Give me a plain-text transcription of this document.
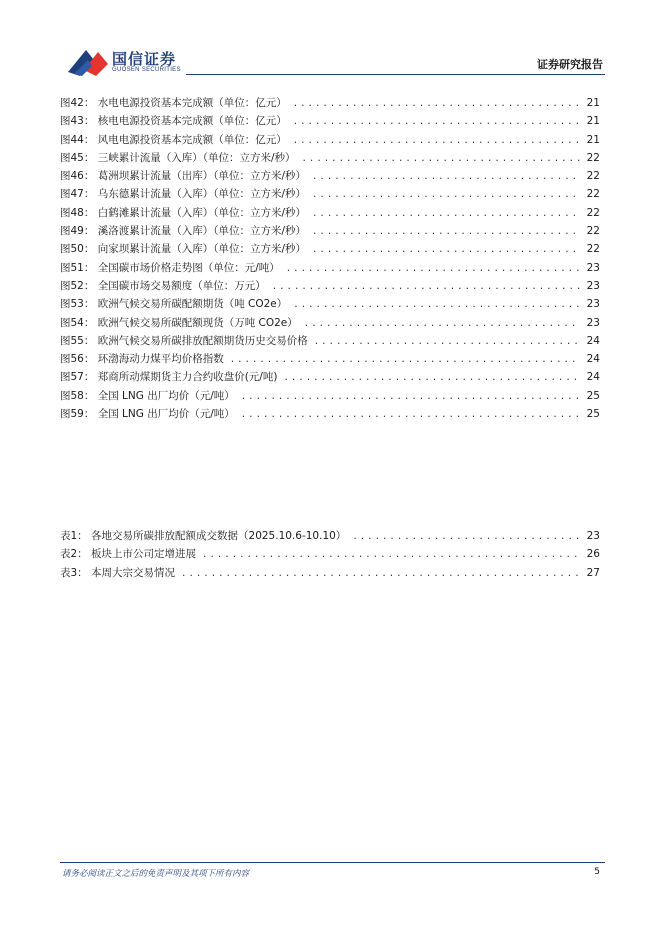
国信证券
GUOSEN SECURITIES	证券研究报告
图42： 水电电源投资基本完成额（单位：亿元） .....	21
图43： 核电电源投资基本完成额（单位：亿元） .....	21
图44： 风电电源投资基本完成额（单位：亿元） .....	21
图45： 三峡累计流量（入库）（单位：立方米/秒） .....	22
图46： 葛洲坝累计流量（出库）（单位：立方米/秒） .....	22
图47： 乌东德累计流量（入库）（单位：立方米/秒） .....	22
图48： 白鹤滩累计流量（入库）（单位：立方米/秒） .....	22
图49： 溪洛渡累计流量（入库）（单位：立方米/秒） .....	22
图50： 向家坝累计流量（入库）（单位：立方米/秒） .....	22
图51： 全国碳市场价格走势图（单位：元/吨） .....	23
图52： 全国碳市场交易额度（单位：万元） .....	23
图53： 欧洲气候交易所碳配额期货（吨 CO2e） .....	23
图54： 欧洲气候交易所碳配额现货（万吨 CO2e） .....	23
图55： 欧洲气候交易所碳排放配额期货历史交易价格 .....	24
图56： 环渤海动力煤平均价格指数 .....	24
图57： 郑商所动煤期货主力合约收盘价(元/吨) .....	24
图58： 全国 LNG 出厂均价（元/吨） .....	25
图59： 全国 LNG 出厂均价（元/吨） .....	25
表1： 各地交易所碳排放配额成交数据（2025.10.6-10.10） .....	23
表2： 板块上市公司定增进展 .....	26
表3： 本周大宗交易情况 .....	27
请务必阅读正文之后的免责声明及其项下所有内容	5
